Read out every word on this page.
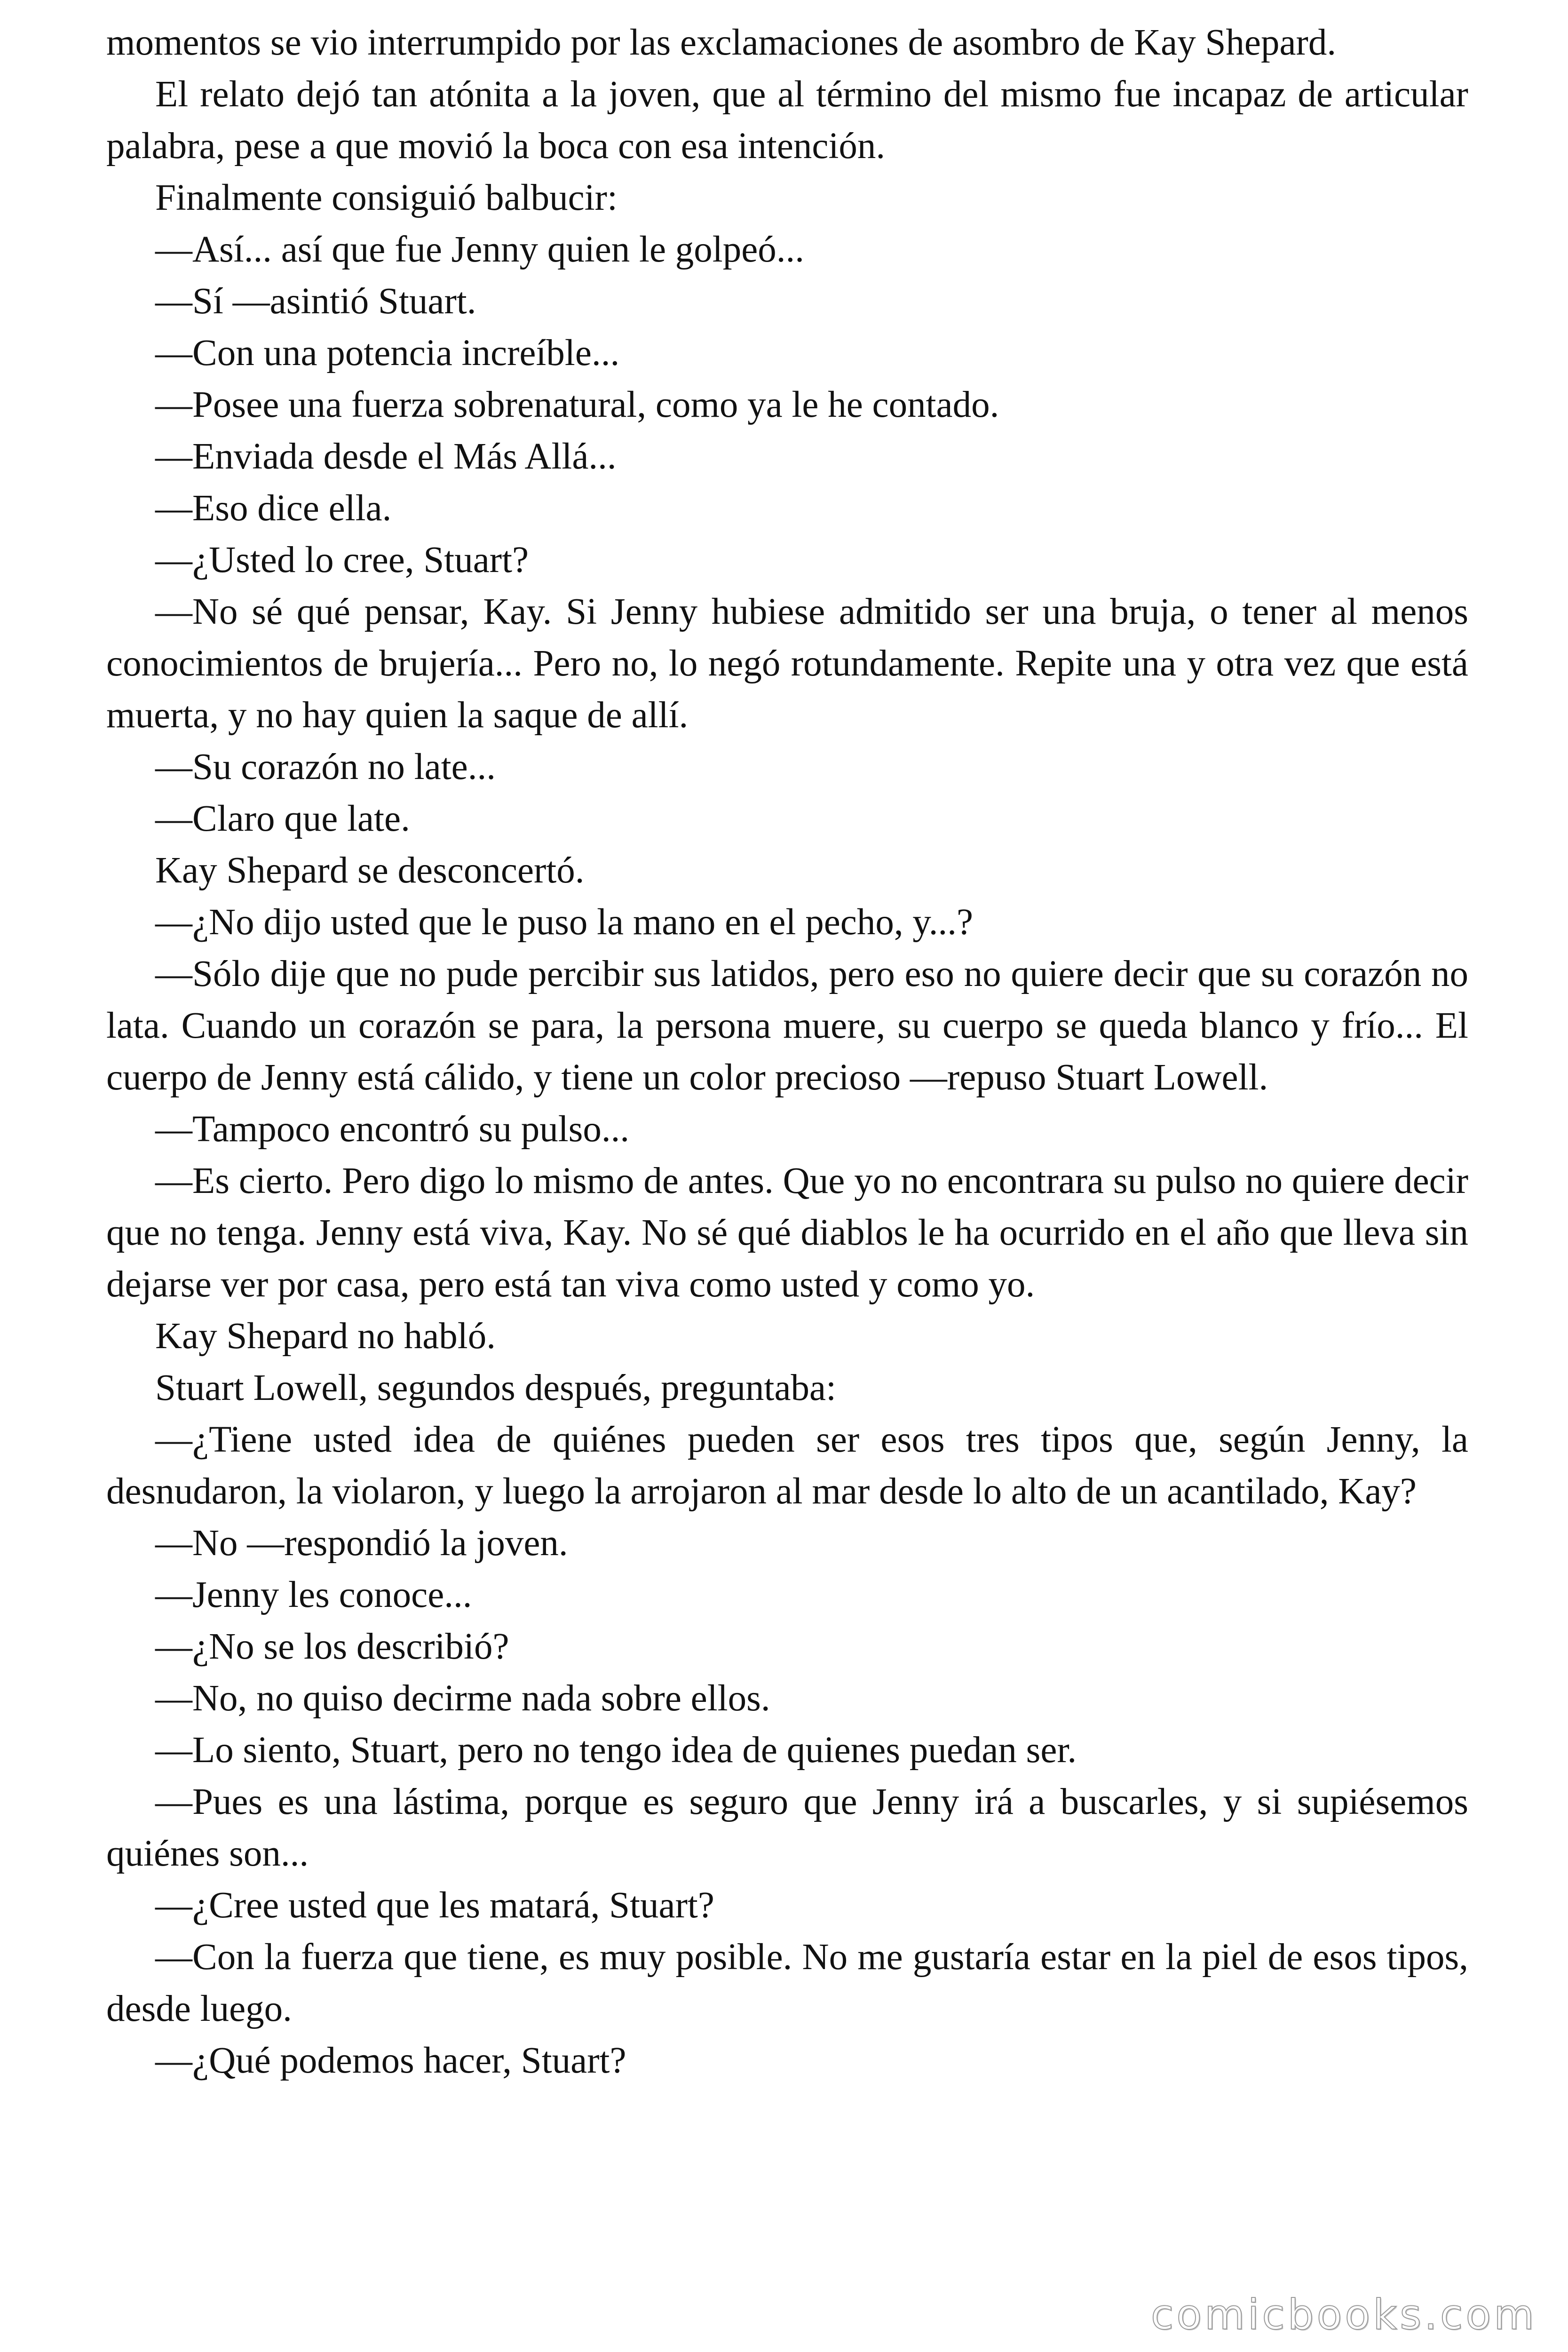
momentos se vio interrumpido por las exclamaciones de asombro de Kay Shepard.

El relato dejó tan atónita a la joven, que al término del mismo fue incapaz de articular palabra, pese a que movió la boca con esa intención.

Finalmente consiguió balbucir:

—Así... así que fue Jenny quien le golpeó...

—Sí —asintió Stuart.

—Con una potencia increíble...

—Posee una fuerza sobrenatural, como ya le he contado.

—Enviada desde el Más Allá...

—Eso dice ella.

—¿Usted lo cree, Stuart?

—No sé qué pensar, Kay. Si Jenny hubiese admitido ser una bruja, o tener al menos conocimientos de brujería... Pero no, lo negó rotundamente. Repite una y otra vez que está muerta, y no hay quien la saque de allí.

—Su corazón no late...

—Claro que late.

Kay Shepard se desconcertó.

—¿No dijo usted que le puso la mano en el pecho, y...?

—Sólo dije que no pude percibir sus latidos, pero eso no quiere decir que su corazón no lata. Cuando un corazón se para, la persona muere, su cuerpo se queda blanco y frío... El cuerpo de Jenny está cálido, y tiene un color precioso —repuso Stuart Lowell.

—Tampoco encontró su pulso...

—Es cierto. Pero digo lo mismo de antes. Que yo no encontrara su pulso no quiere decir que no tenga. Jenny está viva, Kay. No sé qué diablos le ha ocurrido en el año que lleva sin dejarse ver por casa, pero está tan viva como usted y como yo.

Kay Shepard no habló.

Stuart Lowell, segundos después, preguntaba:

—¿Tiene usted idea de quiénes pueden ser esos tres tipos que, según Jenny, la desnudaron, la violaron, y luego la arrojaron al mar desde lo alto de un acantilado, Kay?

—No —respondió la joven.

—Jenny les conoce...

—¿No se los describió?

—No, no quiso decirme nada sobre ellos.

—Lo siento, Stuart, pero no tengo idea de quienes puedan ser.

—Pues es una lástima, porque es seguro que Jenny irá a buscarles, y si supiésemos quiénes son...

—¿Cree usted que les matará, Stuart?

—Con la fuerza que tiene, es muy posible. No me gustaría estar en la piel de esos tipos, desde luego.

—¿Qué podemos hacer, Stuart?

comicbooks.com
